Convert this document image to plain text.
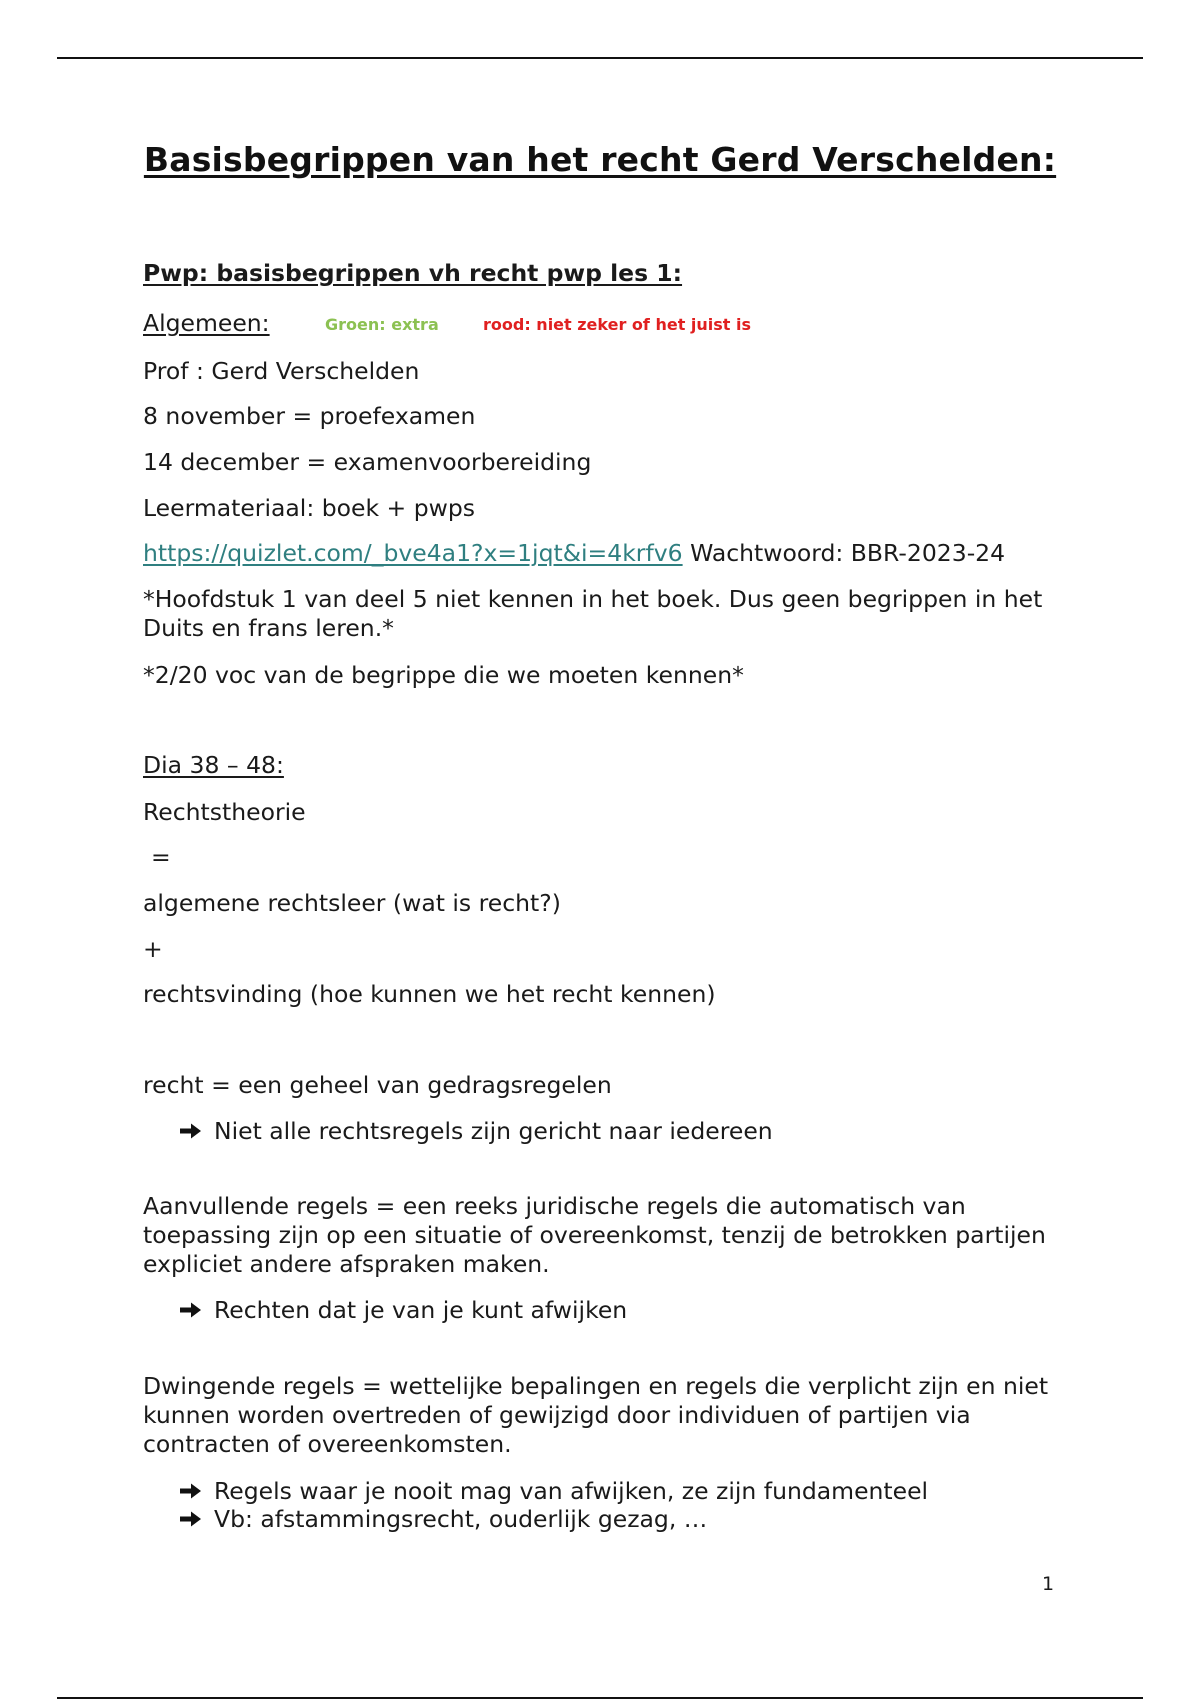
Basisbegrippen van het recht Gerd Verschelden:
Pwp: basisbegrippen vh recht pwp les 1:
Algemeen:	Groen: extra	rood: niet zeker of het juist is
Prof : Gerd Verschelden
8 november = proefexamen
14 december = examenvoorbereiding
Leermateriaal: boek + pwps
https://quizlet.com/_bve4a1?x=1jqt&i=4krfv6 Wachtwoord: BBR-2023-24
*Hoofdstuk 1 van deel 5 niet kennen in het boek. Dus geen begrippen in het Duits en frans leren.*
*2/20 voc van de begrippe die we moeten kennen*
Dia 38 – 48:
Rechtstheorie
=
algemene rechtsleer (wat is recht?)
+
rechtsvinding (hoe kunnen we het recht kennen)
recht = een geheel van gedragsregelen
Niet alle rechtsregels zijn gericht naar iedereen
Aanvullende regels = een reeks juridische regels die automatisch van toepassing zijn op een situatie of overeenkomst, tenzij de betrokken partijen expliciet andere afspraken maken.
Rechten dat je van je kunt afwijken
Dwingende regels = wettelijke bepalingen en regels die verplicht zijn en niet kunnen worden overtreden of gewijzigd door individuen of partijen via contracten of overeenkomsten.
Regels waar je nooit mag van afwijken, ze zijn fundamenteel
Vb: afstammingsrecht, ouderlijk gezag, …
1
